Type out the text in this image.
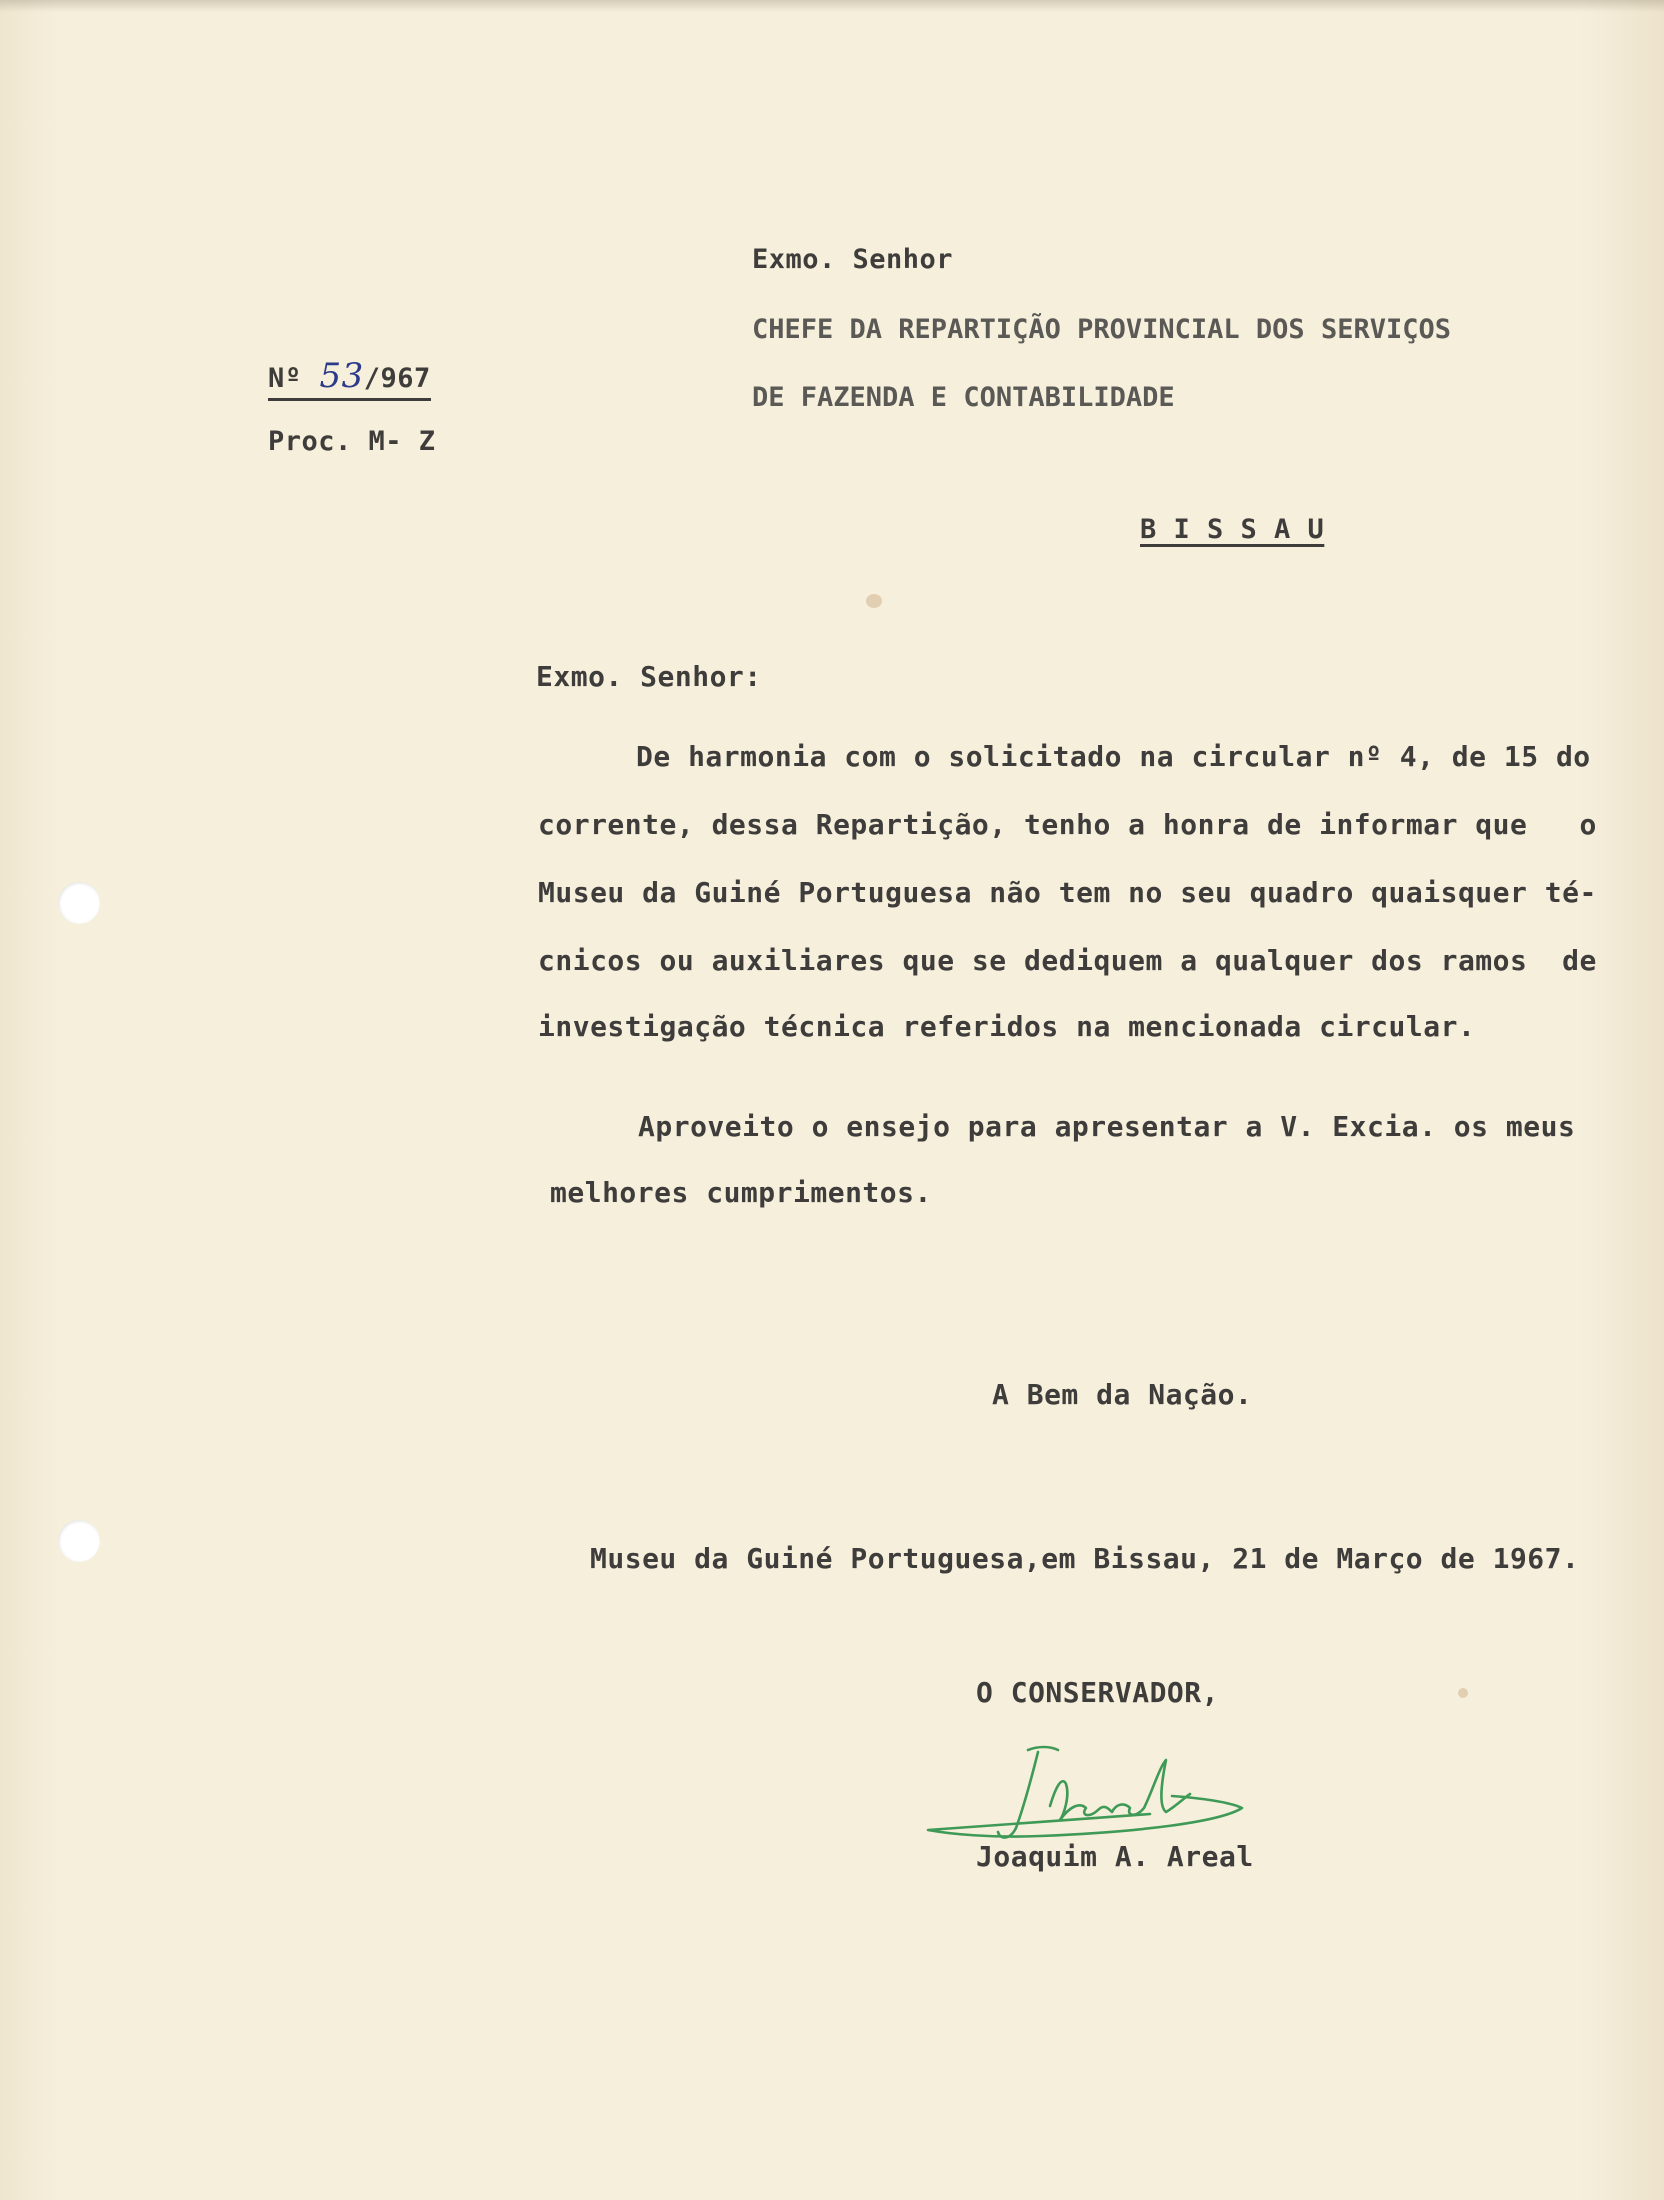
Exmo. Senhor
CHEFE DA REPARTIÇÃO PROVINCIAL DOS SERVIÇOS
DE FAZENDA E CONTABILIDADE
B I S S A U
Nº 53/967
Proc. M- Z
Exmo. Senhor:
De harmonia com o solicitado na circular nº 4, de 15 do
corrente, dessa Repartição, tenho a honra de informar que   o
Museu da Guiné Portuguesa não tem no seu quadro quaisquer té-
cnicos ou auxiliares que se dediquem a qualquer dos ramos  de
investigação técnica referidos na mencionada circular.
Aproveito o ensejo para apresentar a V. Excia. os meus
melhores cumprimentos.
A Bem da Nação.
Museu da Guiné Portuguesa,em Bissau, 21 de Março de 1967.
O CONSERVADOR,
Joaquim A. Areal
